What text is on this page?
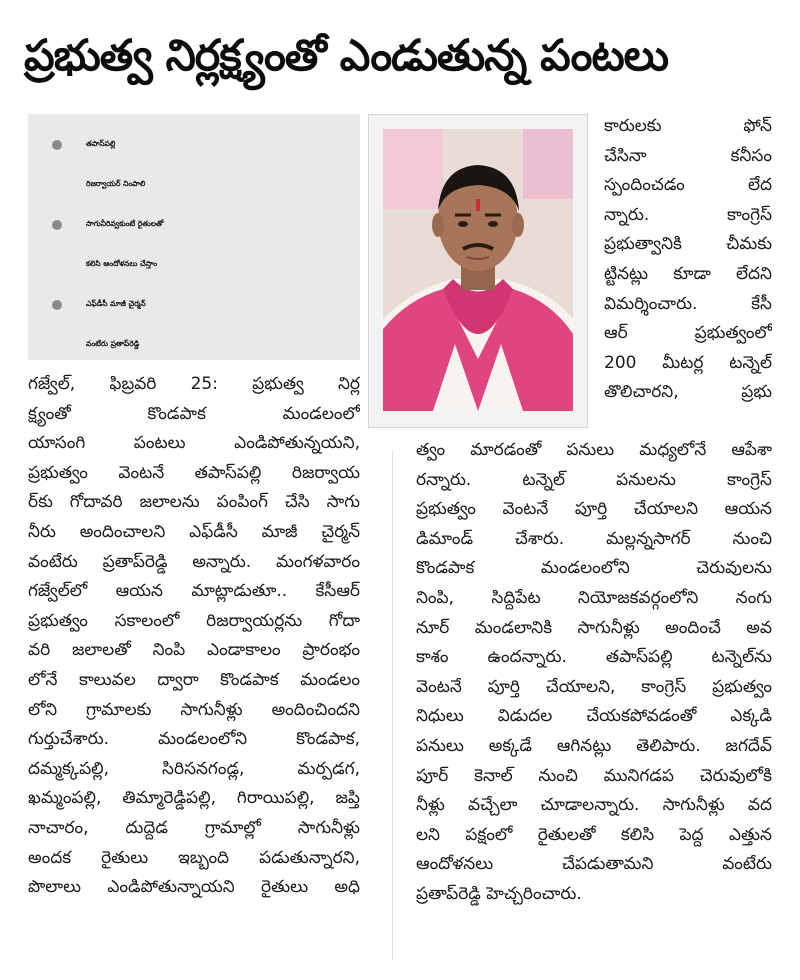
ప్రభుత్వ నిర్లక్ష్యంతో ఎండుతున్న పంటలు
తపాస్‌పల్లి
రిజర్వాయర్ నింపాలి
సాగునీరివ్వకుంటే రైతులతో
కలిసి ఆందోళనలు చేస్తాం
ఎఫ్‌డీసీ మాజీ చైర్మన్
వంటేరు ప్రతాప్‌రెడ్డి
కారులకు ఫోన్
చేసినా కనీసం
స్పందించడం లేద
న్నారు. కాంగ్రెస్
ప్రభుత్వానికి చీమకు
ట్టినట్లు కూడా లేదని
విమర్శించారు. కేసీ
ఆర్ ప్రభుత్వంలో
200 మీటర్ల టన్నెల్
తొలిచారని, ప్రభు
గజ్వేల్, ఫిబ్రవరి 25: ప్రభుత్వ నిర్ల
క్ష్యంతో కొండపాక మండలంలో
యాసంగి పంటలు ఎండిపోతున్నయని,
ప్రభుత్వం వెంటనే తపాస్‌పల్లి రిజర్వాయ
ర్‌కు గోదావరి జలాలను పంపింగ్ చేసి సాగు
నీరు అందించాలని ఎఫ్‌డీసీ మాజీ చైర్మన్
వంటేరు ప్రతాప్‌రెడ్డి అన్నారు. మంగళవారం
గజ్వేల్‌లో ఆయన మాట్లాడుతూ.. కేసీఆర్
ప్రభుత్వం సకాలంలో రిజర్వాయర్లను గోదా
వరి జలాలతో నింపి ఎండాకాలం ప్రారంభం
లోనే కాలువల ద్వారా కొండపాక మండలం
లోని గ్రామాలకు సాగునీళ్లు అందించిందని
గుర్తుచేశారు. మండలంలోని కొండపాక,
దమ్మక్కపల్లి, సిరిసనగండ్ల, మర్పడగ,
ఖమ్మంపల్లి, తిమ్మారెడ్డిపల్లి, గిరాయిపల్లి, జప్తి
నాచారం, దుద్దెడ గ్రామాల్లో సాగునీళ్లు
అందక రైతులు ఇబ్బంది పడుతున్నారని,
పొలాలు ఎండిపోతున్నాయని రైతులు అధి
త్వం మారడంతో పనులు మధ్యలోనే ఆపేశా
రన్నారు. టన్నెల్ పనులను కాంగ్రెస్
ప్రభుత్వం వెంటనే పూర్తి చేయాలని ఆయన
డిమాండ్ చేశారు. మల్లన్నసాగర్ నుంచి
కొండపాక మండలంలోని చెరువులను
నింపి, సిద్దిపేట నియోజకవర్గంలోని నంగు
నూర్ మండలానికి సాగునీళ్లు అందించే అవ
కాశం ఉందన్నారు. తపాస్‌పల్లి టన్నెల్‌ను
వెంటనే పూర్తి చేయాలని, కాంగ్రెస్ ప్రభుత్వం
నిధులు విడుదల చేయకపోవడంతో ఎక్కడి
పనులు అక్కడే ఆగినట్లు తెలిపారు. జగదేవ్
పూర్ కెనాల్ నుంచి మునిగడప చెరువులోకి
నీళ్లు వచ్చేలా చూడాలన్నారు. సాగునీళ్లు వద
లని పక్షంలో రైతులతో కలిసి పెద్ద ఎత్తున
ఆందోళనలు చేపడుతామని వంటేరు
ప్రతాప్‌రెడ్డి హెచ్చరించారు.
